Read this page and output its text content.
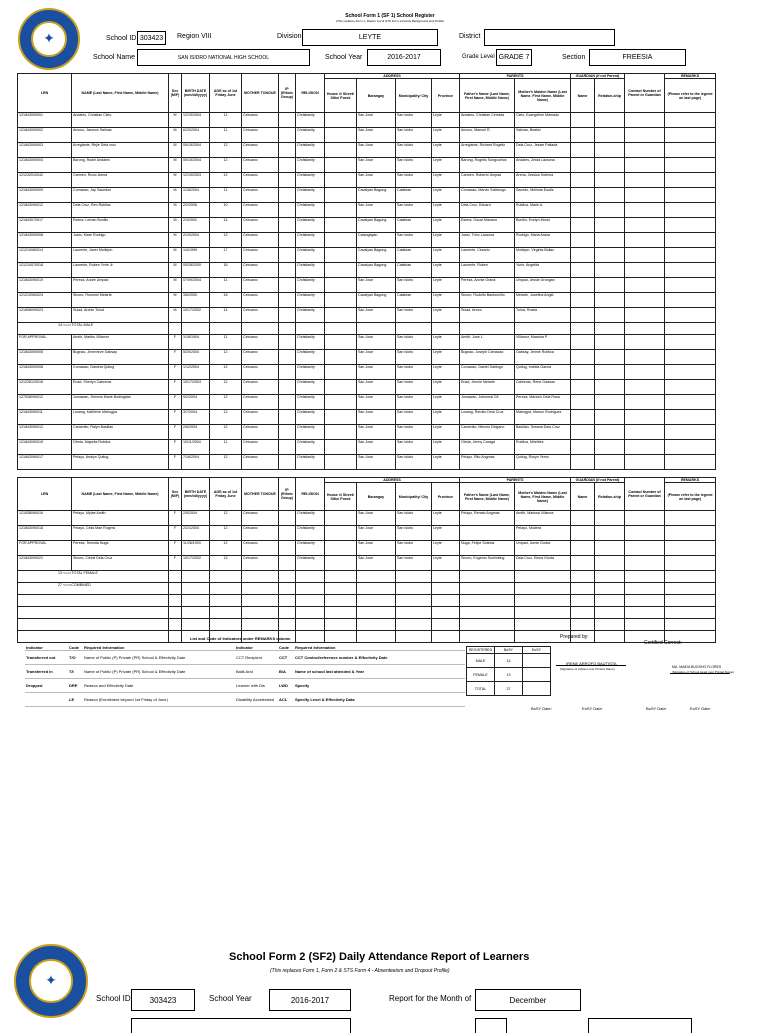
✦
School Form 1 (SF 1) School Register
(This replaces Form 1, Master List & STS Form 2-Family Background and Profile)
School ID 303423	Region VIII	Division	LEYTE	District
School Name	SAN ISIDRO NATIONAL HIGH SCHOOL	School Year	2016-2017	Grade Level GRADE 7	Section	FREESIA
LRN	NAME (Last Name, First Name, Middle Name)	Sex (M/F)	BIRTH DATE (mm/dd/yyyy)	AGE as of 1st Friday June	MOTHER TONGUE	IP (Ethnic Group)	RELIGION	ADDRESS				PARENTS		GUARDIAN (if not Parent)		Contact Number of Parent or Guardian	REMARKS
								House #/ Street/ Sitio/ Purok	Barangay	Municipality/ City	Province	Father's Name (Last Name, First Name, Middle Name)	Mother's Maiden Name (Last Name, First Name, Middle Name)	Name	Relation-ship		(Please refer to the legend on last page)
121843090001	Andales, Christian Cielo	M	12/10/2004	11	Cebuano		Christianity		San Jose	San Isidro	Leyte	Andales, Christian Cerrada	Cielo, Evangeline Mamado				
121843090002	Amoco, Jasmon Salinas	M	6/20/2004	11	Cebuano		Christianity		San Jose	San Isidro	Leyte	Amoco, Manuel R.	Salinas, Beatriz				
121843090003	Arreglante, Rejie Dela cruz	M	05/15/2004	12	Cebuano		Christianity		San Jose	San Isidro	Leyte	Arreglante, Richard Rogelio	Dela Cruz, Jessie Paltada				
121843090004	Barong, Rodel Andales	M	05/15/2004	12	Cebuano		Christianity		San Jose	San Isidro	Leyte	Barong, Rogelio Songcuelos	Andales, Zeida Lacsona				
121232010042	Carmen, Ruvic Arena	M	12/10/2003	12	Cebuano		Christianity		San Jose	San Isidro	Leyte	Carmen, Roberto Umpad	Arena, Jessica Soterna				
121843090009	Comacao, Jay Sacedon	M	1/18/2004	11	Cebuano		Christianity		Cavalyan Bagong	Calabian	Leyte	Comacao, Marvin Sabtongo	Sacedo, Melinda Eustis				
121843090012	Dela Cruz, Ren Rublica	M	2/2/2006	10	Cebuano		Christianity		San Jose	San Isidro	Leyte	Dela Cruz, Eduard	Rublica, Marie A.				
121843070017	Estera, Leman Bonillo	M	2/3/2002	14	Cebuano		Christianity		Cavalyan Bagong	Calabian	Leyte	Estera, Oscar Mariano	Bonillo, Evelyn Moral				
121843090008	Justo, Klare Rodrigo	M	2/19/2004	13	Cebuano		Christianity		Catangayan	San Isidro	Leyte	Justo, Trino Lacsona	Rodrigo, Maria Arana				
121210060014	Laurente, Javer Mollejon	M	1/4/1999	17	Cebuano		Christianity		Cavalyan Bagong	Calabian	Leyte	Laurente, Cesario	Mollejon, Virginia Bollac				
121210070018	Laurente, Ruben Yvrie Jr.	M	05/28/2000	16	Cebuano		Christianity		Cavalyan Bagong	Calabian	Leyte	Laurente, Ruben	Yurie, Angelita				
121843090019	Pereza, Andre Umpad	M	07/09/2004	11	Cebuano		Christianity		San Jose	San Isidro	Leyte	Pereza, Archie Grana	Umpad, Jessie Urongan				
121210060024	Sinoro, Rommel Melarte	M	3/6/2000	16	Cebuano		Christianity		Cavalyan Bagong	Calabian	Leyte	Sinoro, Rodolfo Bantonnillo	Melarte, Josefina Angid				
121808090023	Sulad, Archie Tulod	M	10/17/2002	14	Cebuano		Christianity		San Jose	San Isidro	Leyte	Sulad, Arturo	Tulod, Rosita				
14 <===TOTAL MALE																	
FOR APPROVAL	Amith, Maribu Villamor	F	1/18/1904	11	Cebuano		Christianity		San Jose	San Isidro	Leyte	Amith, Jose L.	Villamor, Maarina P.				
121843090005	Bugnao, Jenevieve Gabsay	F	5/20/2004	12	Cebuano		Christianity		San Jose	San Isidro	Leyte	Bugnao, Joseph Camacao	Gabsay, Jennie Rublica				
121843090008	Comacao, Daniela Quitug	F	1/12/2004	12	Cebuano		Christianity		San Jose	San Isidro	Leyte	Comacao, Daniel Sabtogo	Quitug, Imelda Garcia				
121228120016	Enad, Sherlyn Cabreras	F	10/17/2003	12	Cebuano		Christianity		San Jose	San Isidro	Leyte	Enad, Jennie Melarte	Cabreras, Rene Gaasan				
127538090012	Jumawan, Jhennis Marie Bodingdas	F	9/2/2004	12	Cebuano		Christianity		San Jose	San Isidro	Leyte	Jumawan, Johnneal Gil	Pereza, Maricris Dela Rosa				
121843090011	Lusang, Kathlene Mahugpa	F	3/7/2004	12	Cebuano		Christianity		San Jose	San Isidro	Leyte	Lusang, Renato Dela Cruz	Mahugpa, Marion Rodriguez				
121843090012	Camenito, Ralyn Basillan	F	2/6/2004	12	Cebuano		Christianity		San Jose	San Isidro	Leyte	Camenito, Mencio Delgano	Basillan, Susana Dela Cruz				
121843090015	Otmla, Majorita Rublica	F	10/11/2004	11	Cebuano		Christianity		San Jose	San Isidro	Leyte	Otmla, Jenny Caraga	Rublica, Mirelites				
121843090017	Pelayo, Analyn Quitug	F	7/16/2004	12	Cebuano		Christianity		San Jose	San Isidro	Leyte	Pelayo, Rito Angmas	Quitug, Rosyn Yemo				
LRN	NAME (Last Name, First Name, Middle Name)	Sex (M/F)	BIRTH DATE (mm/dd/yyyy)	AGE as of 1st Friday June	MOTHER TONGUE	IP (Ethnic Group)	RELIGION	ADDRESS				PARENTS		GUARDIAN (if not Parent)		Contact Number of Parent or Guardian	REMARKS
								House #/ Street/ Sitio/ Purok	Barangay	Municipality/ City	Province	Father's Name (Last Name, First Name, Middle Name)	Mother's Maiden Name (Last Name, First Name, Middle Name)	Name	Relation-ship		(Please refer to the legend on last page)
121838090016	Pelayo, Mylae Amith	F	2/5/2004	12	Cebuano		Christianity		San Jose	San Isidro	Leyte	Pelayo, Renato Angmas	Amith, Marissa Villamor				
121843090018	Pelayo, Celia Mae Rugera	F	2/21/2004	12	Cebuano		Christianity		San Jose	San Isidro	Leyte		Pelayo, Modera				
FOR APPROVAL	Pereza, Teresita Nuga	F	11/26/1903	12	Cebuano		Christianity		San Jose	San Isidro	Leyte	Nuga, Felipe Solinda	Umpad, Jumie Godra				
121843090021	Sinoro, Cielnil Dela Cruz	F	10/17/2002	13	Cebuano		Christianity		San Jose	San Isidro	Leyte	Sinoro, Eugenio Suminking	Dela Cruz, Elena Gunta				
13 <===TOTAL FEMALE																	
27 <===COMBINED																	

List and Code of Indicators under REMARKS column
Indicator	Code	Required Information	Indicator	Code	Required Information
Transferred out	T/O	Name of Public (P) Private (PR) School & Effectivity Date	CCT Recipient	CCT	CCT Control/reference number & Effectivity Date
Transferred in	T/I	Name of Public (P) Private (PR) School & Effectivity Date	Balik Aral	B/A	Name of school last attended & Year
Dropped	DRP	Reason and Effectivity Date	Learner with Dis	LWD	Specify
	LE	Reason (Enrollment beyond 1st Friday of June)	Disability Accelerated	ACL	Specify Level & Effectivity Data
REGISTERED	BoSY	EoSY
MALE	14	
FEMALE	13	
TOTAL	27	
Prepared by:
IRENE ARROFO BAUTISTA
(Signature of Adviser over Printed Name)
Certified Correct:
MA. MAIDA BUGSHO FLORES
(Signature of School Head over Printed Name)
BoSY Date:	EoSY Date:	BoSY Date:	EoSY Date:
✦
School Form 2 (SF2) Daily Attendance Report of Learners
(This replaces Form 1, Form 2 & STS Form 4 - Absenteeism and Dropout Profile)
School ID	303423	School Year	2016-2017	Report for the Month of	December
